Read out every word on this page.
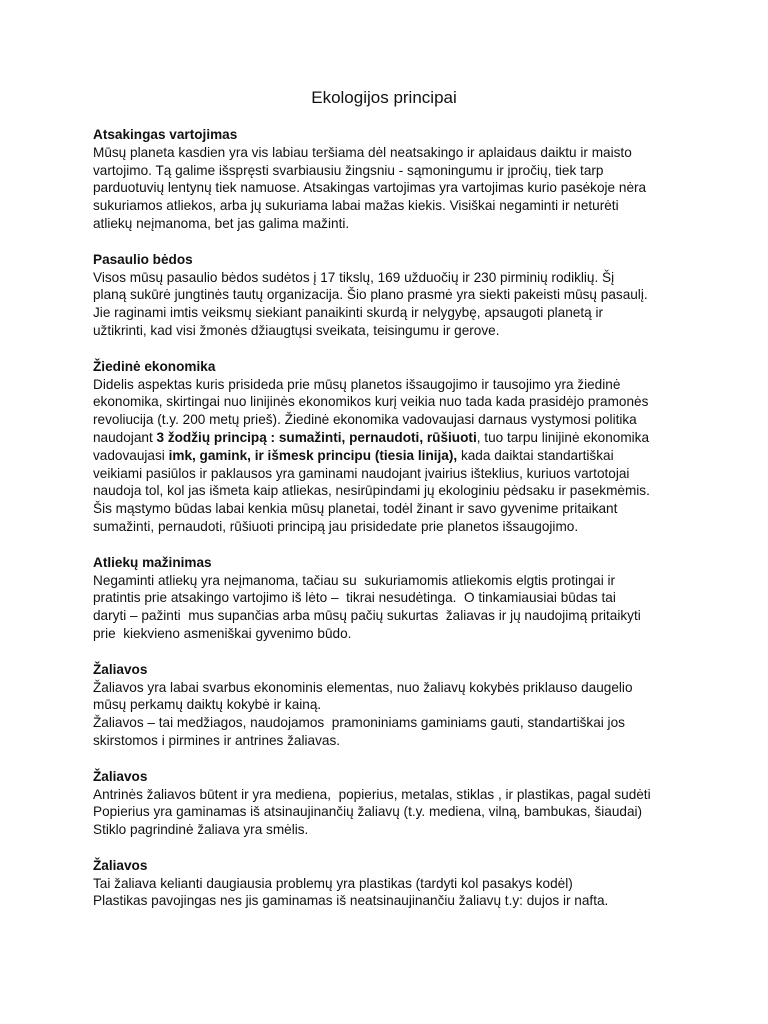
Ekologijos principai
Atsakingas vartojimas
Mūsų planeta kasdien yra vis labiau teršiama dėl neatsakingo ir aplaidaus daiktu ir maisto
vartojimo. Tą galime išspręsti svarbiausiu žingsniu - sąmoningumu ir įpročių, tiek tarp
parduotuvių lentynų tiek namuose. Atsakingas vartojimas yra vartojimas kurio pasėkoje nėra
sukuriamos atliekos, arba jų sukuriama labai mažas kiekis. Visiškai negaminti ir neturėti
atliekų neįmanoma, bet jas galima mažinti.
Pasaulio bėdos
Visos mūsų pasaulio bėdos sudėtos į 17 tikslų, 169 užduočių ir 230 pirminių rodiklių. Šį
planą sukūrė jungtinės tautų organizacija. Šio plano prasmė yra siekti pakeisti mūsų pasaulį.
Jie raginami imtis veiksmų siekiant panaikinti skurdą ir nelygybę, apsaugoti planetą ir
užtikrinti, kad visi žmonės džiaugtųsi sveikata, teisingumu ir gerove.
Žiedinė ekonomika
Didelis aspektas kuris prisideda prie mūsų planetos išsaugojimo ir tausojimo yra žiedinė
ekonomika, skirtingai nuo linijinės ekonomikos kurį veikia nuo tada kada prasidėjo pramonės
revoliucija (t.y. 200 metų prieš). Žiedinė ekonomika vadovaujasi darnaus vystymosi politika
naudojant 3 žodžių principą : sumažinti, pernaudoti, rūšiuoti, tuo tarpu linijinė ekonomika
vadovaujasi imk, gamink, ir išmesk principu (tiesia linija), kada daiktai standartiškai
veikiami pasiūlos ir paklausos yra gaminami naudojant įvairius išteklius, kuriuos vartotojai
naudoja tol, kol jas išmeta kaip atliekas, nesirūpindami jų ekologiniu pėdsaku ir pasekmėmis.
Šis mąstymo būdas labai kenkia mūsų planetai, todėl žinant ir savo gyvenime pritaikant
sumažinti, pernaudoti, rūšiuoti principą jau prisidedate prie planetos išsaugojimo.
Atliekų mažinimas
Negaminti atliekų yra neįmanoma, tačiau su  sukuriamomis atliekomis elgtis protingai ir
pratintis prie atsakingo vartojimo iš lėto –  tikrai nesudėtinga.  O tinkamiausiai būdas tai
daryti – pažinti  mus supančias arba mūsų pačių sukurtas  žaliavas ir jų naudojimą pritaikyti
prie  kiekvieno asmeniškai gyvenimo būdo.
Žaliavos
Žaliavos yra labai svarbus ekonominis elementas, nuo žaliavų kokybės priklauso daugelio
mūsų perkamų daiktų kokybė ir kainą.
Žaliavos – tai medžiagos, naudojamos  pramoniniams gaminiams gauti, standartiškai jos
skirstomos i pirmines ir antrines žaliavas.
Žaliavos
Antrinės žaliavos būtent ir yra mediena,  popierius, metalas, stiklas , ir plastikas, pagal sudėti
Popierius yra gaminamas iš atsinaujinančių žaliavų (t.y. mediena, vilną, bambukas, šiaudai)
Stiklo pagrindinė žaliava yra smėlis.
Žaliavos
Tai žaliava kelianti daugiausia problemų yra plastikas (tardyti kol pasakys kodėl)
Plastikas pavojingas nes jis gaminamas iš neatsinaujinančiu žaliavų t.y: dujos ir nafta.
